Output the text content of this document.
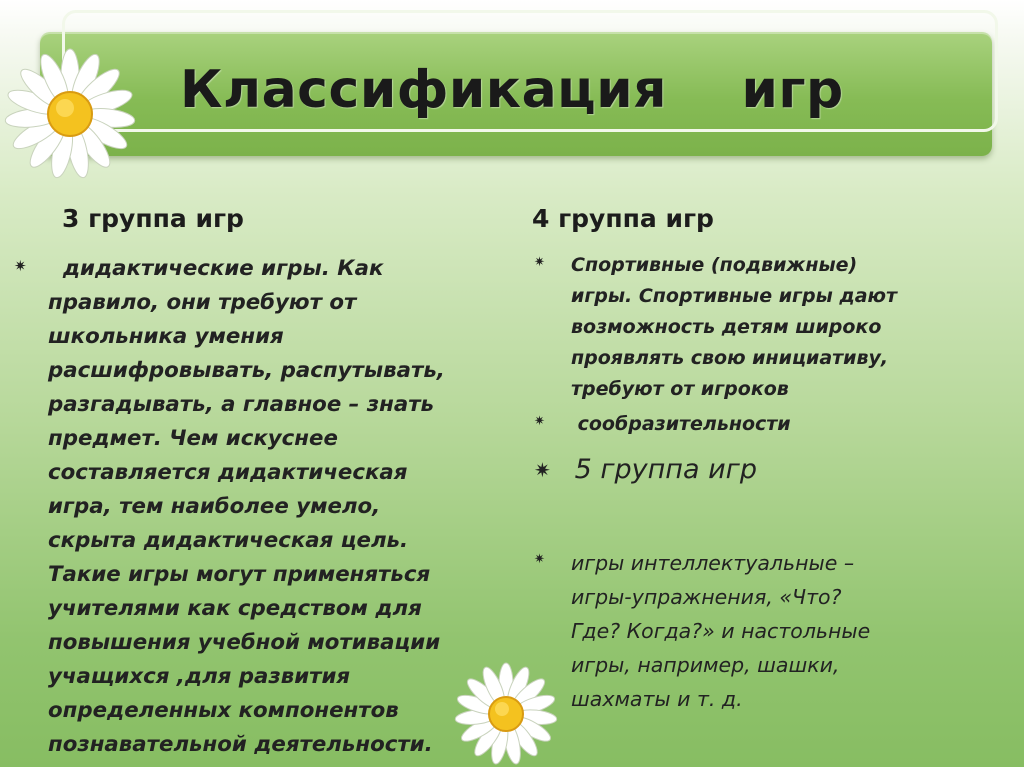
Классификация    игр
3 группа игр
✷ дидактические игры. Как
правило, они требуют от
школьника умения
расшифровывать, распутывать,
разгадывать, а главное – знать
предмет. Чем искуснее
составляется дидактическая
игра, тем наиболее умело,
скрыта дидактическая цель.
Такие игры могут применяться
учителями как средством для
повышения учебной мотивации
учащихся ,для развития
определенных компонентов
познавательной деятельности.
4 группа игр
✷ Спортивные (подвижные)
игры. Спортивные игры дают
возможность детям широко
проявлять свою инициативу,
требуют от игроков
✷ сообразительности
✷ 5 группа игр
✷ игры интеллектуальные –
игры-упражнения, «Что?
Где? Когда?» и настольные
игры, например, шашки,
шахматы и т. д.
